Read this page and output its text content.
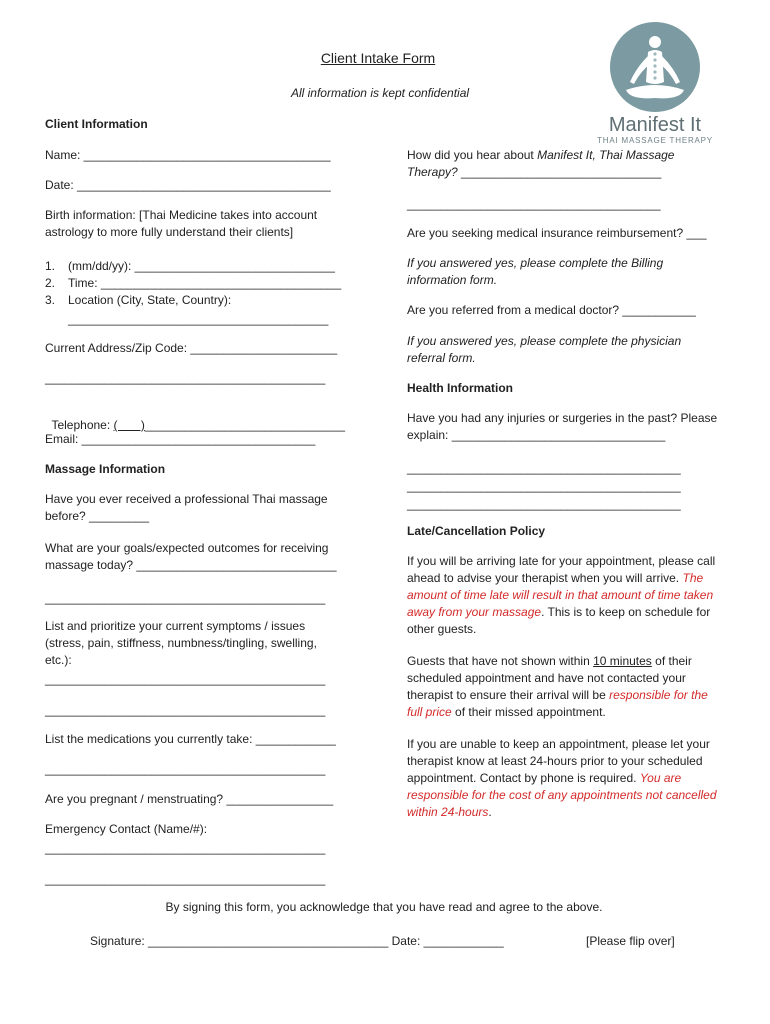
Client Intake Form
All information is kept confidential
Manifest It
THAI MASSAGE THERAPY
Client Information
Name: _____________________________________
Date: ______________________________________
Birth information: [Thai Medicine takes into account astrology to more fully understand their clients]
1. (mm/dd/yy): ______________________________
2. Time: ____________________________________
3. Location (City, State, Country):
_______________________________________
Current Address/Zip Code: ______________________
__________________________________________

Telephone: (       )______________________________

Email: ___________________________________
Massage Information
Have you ever received a professional Thai massage before? _________
What are your goals/expected outcomes for receiving massage today? ______________________________
__________________________________________
List and prioritize your current symptoms / issues (stress, pain, stiffness, numbness/tingling, swelling, etc.):
__________________________________________
__________________________________________
List the medications you currently take: ____________
__________________________________________
Are you pregnant / menstruating? ________________
Emergency Contact (Name/#):
__________________________________________
__________________________________________
How did you hear about Manifest It, Thai Massage Therapy? ______________________________
______________________________________
Are you seeking medical insurance reimbursement? ___
If you answered yes, please complete the Billing information form.
Are you referred from a medical doctor? ___________
If you answered yes, please complete the physician referral form.
Health Information
Have you had any injuries or surgeries in the past? Please explain: ________________________________
_________________________________________
_________________________________________
_________________________________________
Late/Cancellation Policy
If you will be arriving late for your appointment, please call ahead to advise your therapist when you will arrive. The amount of time late will result in that amount of time taken away from your massage. This is to keep on schedule for other guests.
Guests that have not shown within 10 minutes of their scheduled appointment and have not contacted your therapist to ensure their arrival will be responsible for the full price of their missed appointment.
If you are unable to keep an appointment, please let your therapist know at least 24-hours prior to your scheduled appointment. Contact by phone is required. You are responsible for the cost of any appointments not cancelled within 24-hours.
By signing this form, you acknowledge that you have read and agree to the above.
Signature: ____________________________________ Date: ____________	[Please flip over]
